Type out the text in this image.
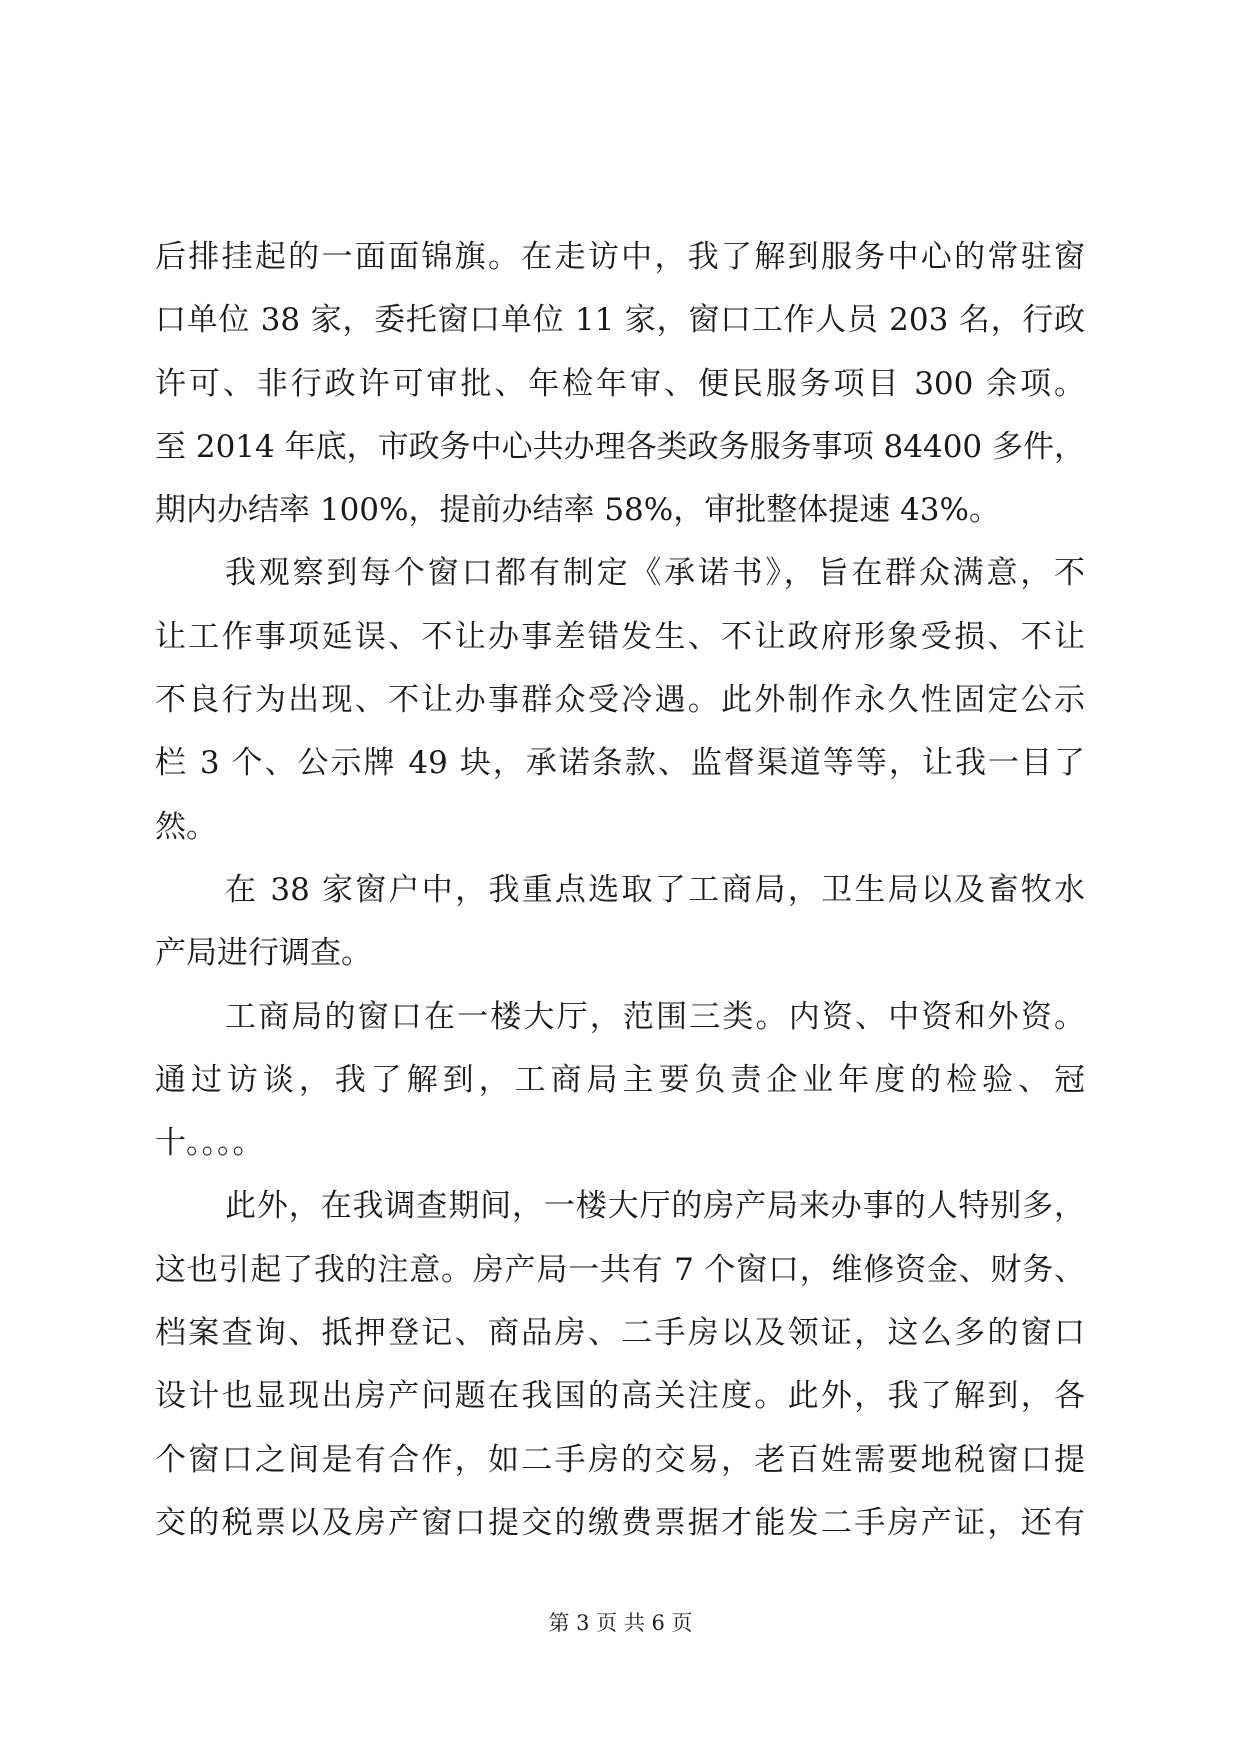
后排挂起的一面面锦旗。在走访中，我了解到服务中心的常驻窗
口单位 38 家，委托窗口单位 11 家，窗口工作人员 203 名，行政
许可、非行政许可审批、年检年审、便民服务项目 300 余项。
至 2014 年底，市政务中心共办理各类政务服务事项 84400 多件，
期内办结率 100%，提前办结率 58%，审批整体提速 43%。
我观察到每个窗口都有制定《承诺书》，旨在群众满意，不
让工作事项延误、不让办事差错发生、不让政府形象受损、不让
不良行为出现、不让办事群众受冷遇。此外制作永久性固定公示
栏 3 个、公示牌 49 块，承诺条款、监督渠道等等，让我一目了
然。
在 38 家窗户中，我重点选取了工商局，卫生局以及畜牧水
产局进行调查。
工商局的窗口在一楼大厅，范围三类。内资、中资和外资。
通过访谈，我了解到，工商局主要负责企业年度的检验、冠
十。。。。
此外，在我调查期间，一楼大厅的房产局来办事的人特别多，
这也引起了我的注意。房产局一共有 7 个窗口，维修资金、财务、
档案查询、抵押登记、商品房、二手房以及领证，这么多的窗口
设计也显现出房产问题在我国的高关注度。此外，我了解到，各
个窗口之间是有合作，如二手房的交易，老百姓需要地税窗口提
交的税票以及房产窗口提交的缴费票据才能发二手房产证，还有
第 3 页 共 6 页
